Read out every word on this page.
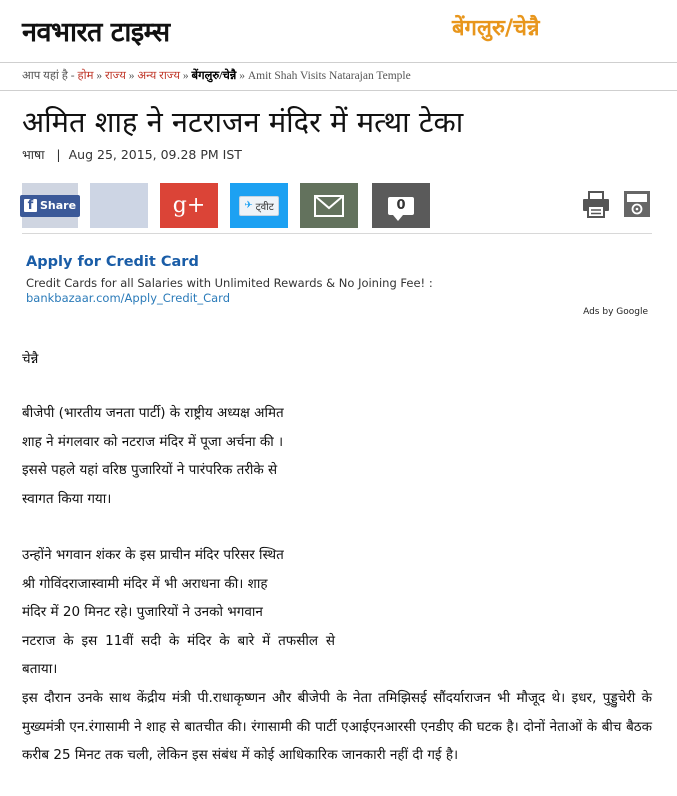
नवभारत टाइम्स	बेंगलुरु/चेन्नै
आप यहां है - होम » राज्य » अन्य राज्य » बेंगलुरु/चेन्नै » Amit Shah Visits Natarajan Temple
अमित शाह ने नटराजन मंदिर में मत्था टेका
भाषा   |  Aug 25, 2015, 09.28 PM IST
f Share	g+	✈ ट्वीट	0
Apply for Credit Card
Credit Cards for all Salaries with Unlimited Rewards & No Joining Fee! :
bankbazaar.com/Apply_Credit_Card
Ads by Google
चेन्नै

बीजेपी (भारतीय जनता पार्टी) के राष्ट्रीय अध्यक्ष अमित
शाह ने मंगलवार को नटराज मंदिर में पूजा अर्चना की ।
इससे पहले यहां वरिष्ठ पुजारियों ने पारंपरिक तरीके से
स्वागत किया गया।

उन्होंने भगवान शंकर के इस प्राचीन मंदिर परिसर स्थित
श्री गोविंदराजास्वामी मंदिर में भी अराधना की। शाह
मंदिर में 20 मिनट रहे। पुजारियों ने उनको भगवान
नटराज के इस 11वीं सदी के मंदिर के बारे में तफसील से बताया।

इस दौरान उनके साथ केंद्रीय मंत्री पी.राधाकृष्णन और बीजेपी के नेता तमिझिसई सौंदर्याराजन भी मौजूद थे। इधर, पुड्डुचेरी के मुख्यमंत्री एन.रंगासामी ने शाह से बातचीत की। रंगासामी की पार्टी एआईएनआरसी एनडीए की घटक है। दोनों नेताओं के बीच बैठक करीब 25 मिनट तक चली, लेकिन इस संबंध में कोई आधिकारिक जानकारी नहीं दी गई है।
